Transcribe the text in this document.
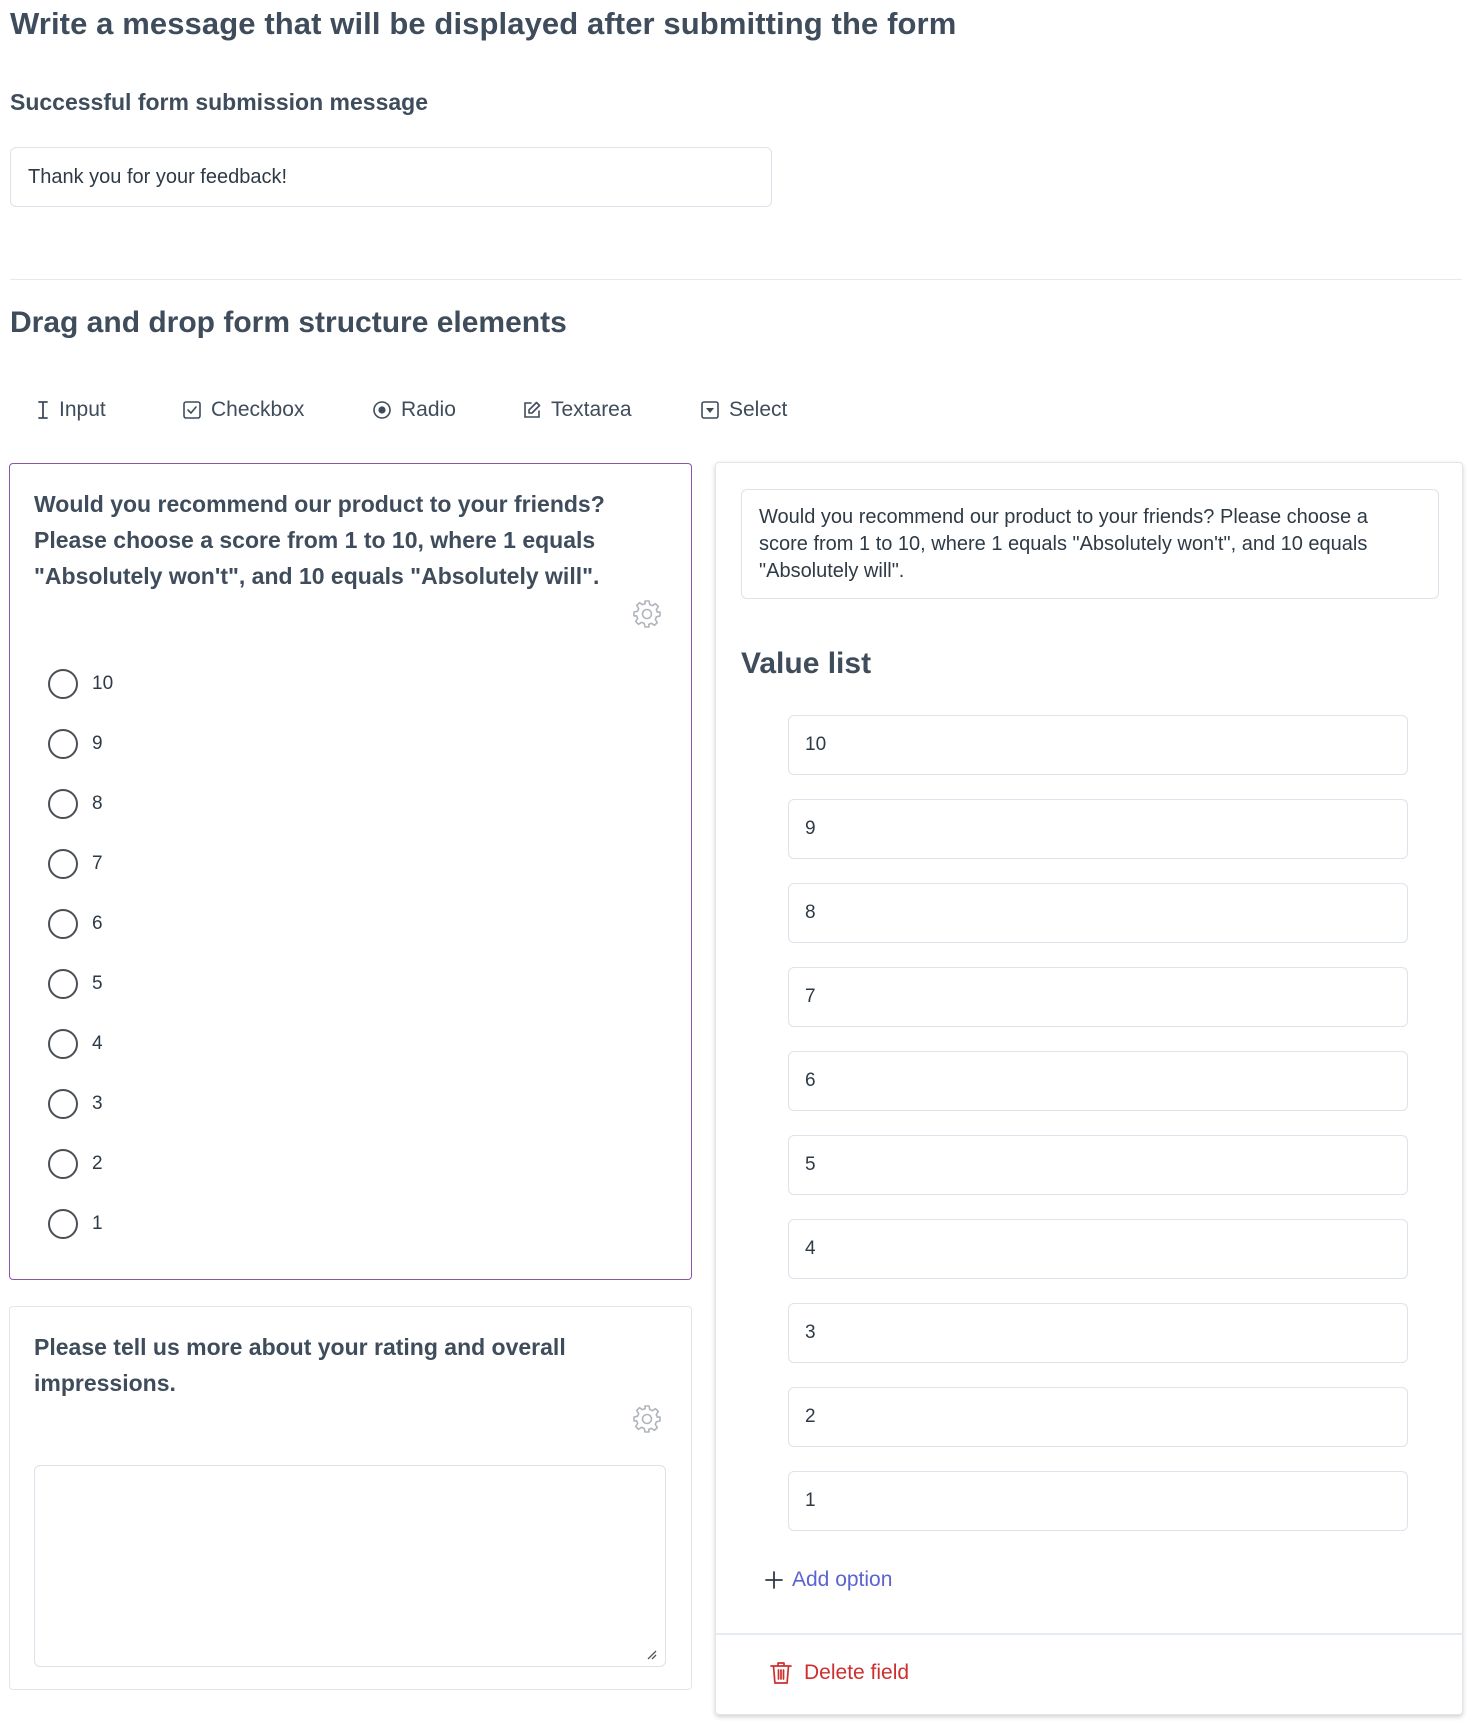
Write a message that will be displayed after submitting the form
Successful form submission message
Thank you for your feedback!
Drag and drop form structure elements
Input	Checkbox	Radio	Textarea	Select
Would you recommend our product to your friends? Please choose a score from 1 to 10, where 1 equals "Absolutely won't", and 10 equals "Absolutely will".
10
9
8
7
6
5
4
3
2
1
Please tell us more about your rating and overall impressions.
Would you recommend our product to your friends? Please choose a score from 1 to 10, where 1 equals "Absolutely won't", and 10 equals "Absolutely will".
Value list
10
9
8
7
6
5
4
3
2
1
Add option
Delete field
